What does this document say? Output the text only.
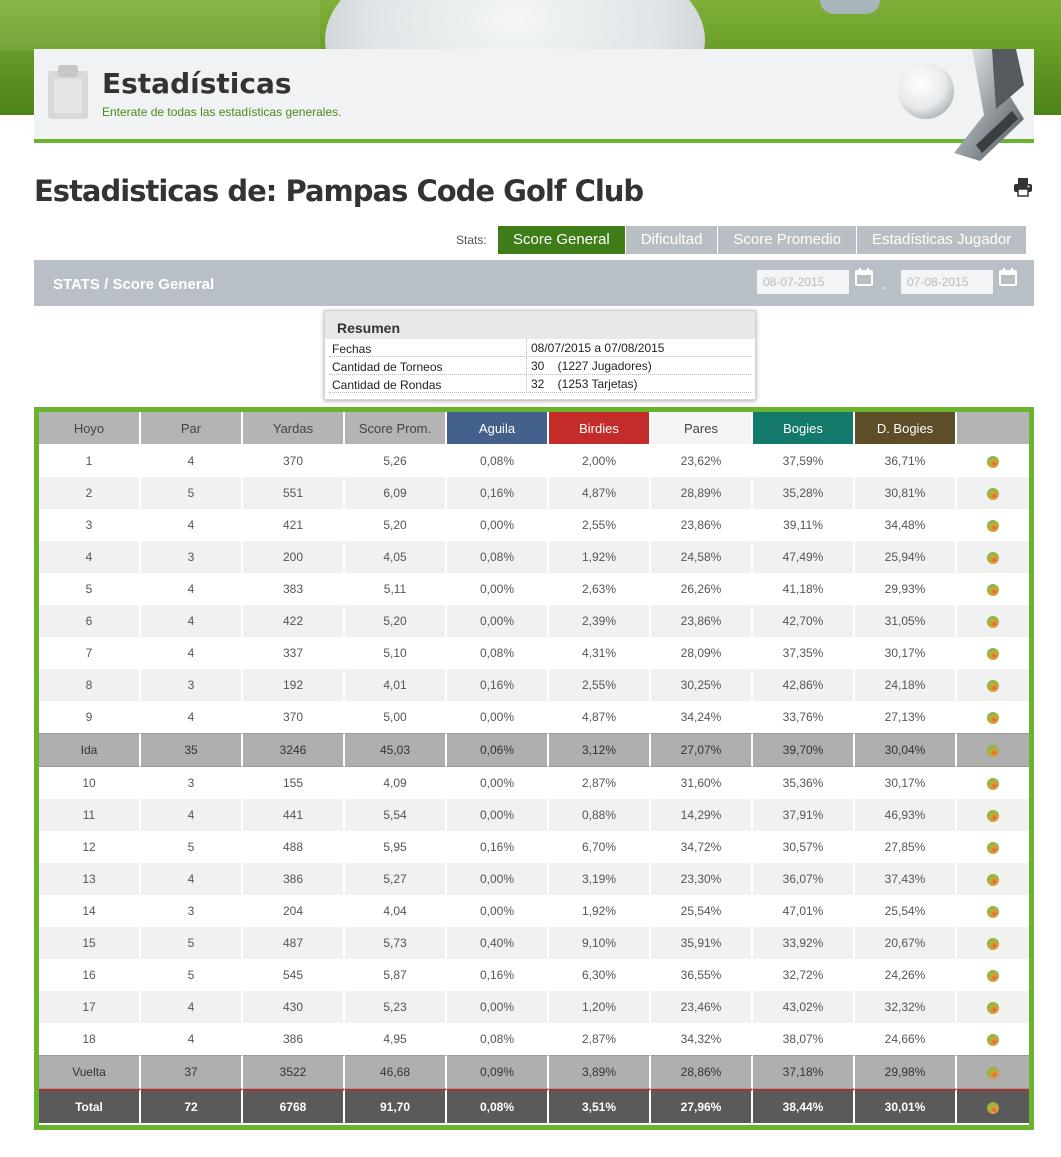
Estadísticas
Enterate de todas las estadísticas generales.
Estadisticas de: Pampas Code Golf Club
Stats:	Score General	Dificultad	Score Promedio	Estadísticas Jugador
STATS / Score General
08-07-2015	-
07-08-2015
Resumen
Fechas	08/07/2015 a 07/08/2015
Cantidad de Torneos	30    (1227 Jugadores)
Cantidad de Rondas	32    (1253 Tarjetas)
Hoyo	Par	Yardas	Score Prom.	Aguila	Birdies	Pares	Bogies	D. Bogies	
1	4	370	5,26	0,08%	2,00%	23,62%	37,59%	36,71%	
2	5	551	6,09	0,16%	4,87%	28,89%	35,28%	30,81%	
3	4	421	5,20	0,00%	2,55%	23,86%	39,11%	34,48%	
4	3	200	4,05	0,08%	1,92%	24,58%	47,49%	25,94%	
5	4	383	5,11	0,00%	2,63%	26,26%	41,18%	29,93%	
6	4	422	5,20	0,00%	2,39%	23,86%	42,70%	31,05%	
7	4	337	5,10	0,08%	4,31%	28,09%	37,35%	30,17%	
8	3	192	4,01	0,16%	2,55%	30,25%	42,86%	24,18%	
9	4	370	5,00	0,00%	4,87%	34,24%	33,76%	27,13%	
Ida	35	3246	45,03	0,06%	3,12%	27,07%	39,70%	30,04%	
10	3	155	4,09	0,00%	2,87%	31,60%	35,36%	30,17%	
11	4	441	5,54	0,00%	0,88%	14,29%	37,91%	46,93%	
12	5	488	5,95	0,16%	6,70%	34,72%	30,57%	27,85%	
13	4	386	5,27	0,00%	3,19%	23,30%	36,07%	37,43%	
14	3	204	4,04	0,00%	1,92%	25,54%	47,01%	25,54%	
15	5	487	5,73	0,40%	9,10%	35,91%	33,92%	20,67%	
16	5	545	5,87	0,16%	6,30%	36,55%	32,72%	24,26%	
17	4	430	5,23	0,00%	1,20%	23,46%	43,02%	32,32%	
18	4	386	4,95	0,08%	2,87%	34,32%	38,07%	24,66%	
Vuelta	37	3522	46,68	0,09%	3,89%	28,86%	37,18%	29,98%	
Total	72	6768	91,70	0,08%	3,51%	27,96%	38,44%	30,01%	
